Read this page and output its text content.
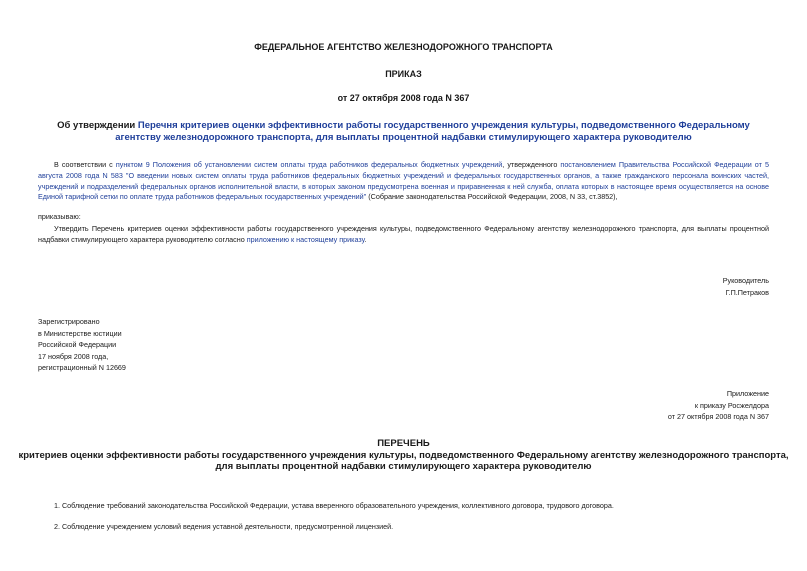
ФЕДЕРАЛЬНОЕ АГЕНТСТВО ЖЕЛЕЗНОДОРОЖНОГО ТРАНСПОРТА
ПРИКАЗ
от 27 октября 2008 года N 367
Об утверждении Перечня критериев оценки эффективности работы государственного учреждения культуры, подведомственного Федеральному агентству железнодорожного транспорта, для выплаты процентной надбавки стимулирующего характера руководителю
В соответствии с пунктом 9 Положения об установлении систем оплаты труда работников федеральных бюджетных учреждений, утвержденного постановлением Правительства Российской Федерации от 5 августа 2008 года N 583 "О введении новых систем оплаты труда работников федеральных бюджетных учреждений и федеральных государственных органов, а также гражданского персонала воинских частей, учреждений и подразделений федеральных органов исполнительной власти, в которых законом предусмотрена военная и приравненная к ней служба, оплата которых в настоящее время осуществляется на основе Единой тарифной сетки по оплате труда работников федеральных государственных учреждений" (Собрание законодательства Российской Федерации, 2008, N 33, ст.3852),
приказываю:
Утвердить Перечень критериев оценки эффективности работы государственного учреждения культуры, подведомственного Федеральному агентству железнодорожного транспорта, для выплаты процентной надбавки стимулирующего характера руководителю согласно приложению к настоящему приказу.
Руководитель
Г.П.Петраков
Зарегистрировано
в Министерстве юстиции
Российской Федерации
17 ноября 2008 года,
регистрационный N 12669
Приложение
к приказу Росжелдора
от 27 октября 2008 года N 367
ПЕРЕЧЕНЬ
критериев оценки эффективности работы государственного учреждения культуры, подведомственного Федеральному агентству железнодорожного транспорта,
для выплаты процентной надбавки стимулирующего характера руководителю
1. Соблюдение требований законодательства Российской Федерации, устава вверенного образовательного учреждения, коллективного договора, трудового договора.
2. Соблюдение учреждением условий ведения уставной деятельности, предусмотренной лицензией.
